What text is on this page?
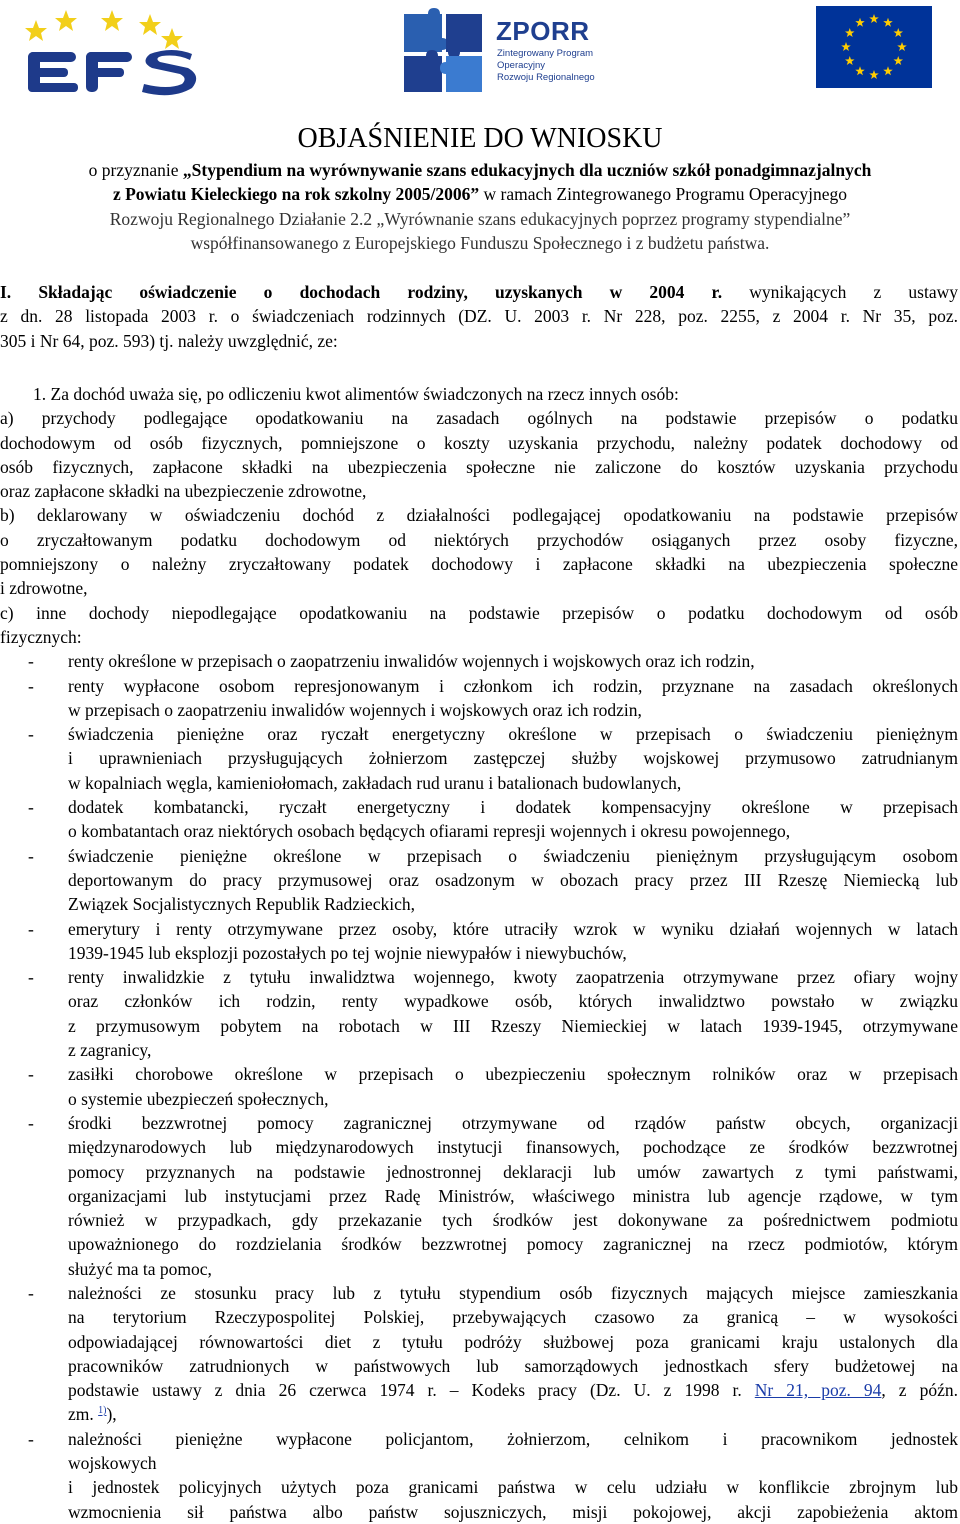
ZPORR
Zintegrowany Program
Operacyjny
Rozwoju Regionalnego
OBJAŚNIENIE DO WNIOSKU
o przyznanie „Stypendium na wyrównywanie szans edukacyjnych dla uczniów szkół ponadgimnazjalnych
z Powiatu Kieleckiego na rok szkolny 2005/2006” w ramach Zintegrowanego Programu Operacyjnego
Rozwoju Regionalnego Działanie 2.2 „Wyrównanie szans edukacyjnych poprzez programy stypendialne”
współfinansowanego z Europejskiego Funduszu Społecznego i z budżetu państwa.
I. Składając oświadczenie o dochodach rodziny, uzyskanych w 2004 r. wynikających z ustawy
z dn. 28 listopada 2003 r. o świadczeniach rodzinnych (DZ. U. 2003 r. Nr 228, poz. 2255, z 2004 r. Nr 35, poz.
305 i Nr 64, poz. 593) tj. należy uwzględnić, ze:
1. Za dochód uważa się, po odliczeniu kwot alimentów świadczonych na rzecz innych osób:
a) przychody podlegające opodatkowaniu na zasadach ogólnych na podstawie przepisów o podatku
dochodowym od osób fizycznych, pomniejszone o koszty uzyskania przychodu, należny podatek dochodowy od
osób fizycznych, zapłacone składki na ubezpieczenia społeczne nie zaliczone do kosztów uzyskania przychodu
oraz zapłacone składki na ubezpieczenie zdrowotne,
b) deklarowany w oświadczeniu dochód z działalności podlegającej opodatkowaniu na podstawie przepisów
o zryczałtowanym podatku dochodowym od niektórych przychodów osiąganych przez osoby fizyczne,
pomniejszony o należny zryczałtowany podatek dochodowy i zapłacone składki na ubezpieczenia społeczne
i zdrowotne,
c) inne dochody niepodlegające opodatkowaniu na podstawie przepisów o podatku dochodowym od osób
fizycznych:
- renty określone w przepisach o zaopatrzeniu inwalidów wojennych i wojskowych oraz ich rodzin,
- renty wypłacone osobom represjonowanym i członkom ich rodzin, przyznane na zasadach określonych
w przepisach o zaopatrzeniu inwalidów wojennych i wojskowych oraz ich rodzin,
- świadczenia pieniężne oraz ryczałt energetyczny określone w przepisach o świadczeniu pieniężnym
i uprawnieniach przysługujących żołnierzom zastępczej służby wojskowej przymusowo zatrudnianym
w kopalniach węgla, kamieniołomach, zakładach rud uranu i batalionach budowlanych,
- dodatek kombatancki, ryczałt energetyczny i dodatek kompensacyjny określone w przepisach
o kombatantach oraz niektórych osobach będących ofiarami represji wojennych i okresu powojennego,
- świadczenie pieniężne określone w przepisach o świadczeniu pieniężnym przysługującym osobom
deportowanym do pracy przymusowej oraz osadzonym w obozach pracy przez III Rzeszę Niemiecką lub
Związek Socjalistycznych Republik Radzieckich,
- emerytury i renty otrzymywane przez osoby, które utraciły wzrok w wyniku działań wojennych w latach
1939-1945 lub eksplozji pozostałych po tej wojnie niewypałów i niewybuchów,
- renty inwalidzkie z tytułu inwalidztwa wojennego, kwoty zaopatrzenia otrzymywane przez ofiary wojny
oraz członków ich rodzin, renty wypadkowe osób, których inwalidztwo powstało w związku
z przymusowym pobytem na robotach w III Rzeszy Niemieckiej w latach 1939-1945, otrzymywane
z zagranicy,
- zasiłki chorobowe określone w przepisach o ubezpieczeniu społecznym rolników oraz w przepisach
o systemie ubezpieczeń społecznych,
- środki bezzwrotnej pomocy zagranicznej otrzymywane od rządów państw obcych, organizacji
międzynarodowych lub międzynarodowych instytucji finansowych, pochodzące ze środków bezzwrotnej
pomocy przyznanych na podstawie jednostronnej deklaracji lub umów zawartych z tymi państwami,
organizacjami lub instytucjami przez Radę Ministrów, właściwego ministra lub agencje rządowe, w tym
również w przypadkach, gdy przekazanie tych środków jest dokonywane za pośrednictwem podmiotu
upoważnionego do rozdzielania środków bezzwrotnej pomocy zagranicznej na rzecz podmiotów, którym
służyć ma ta pomoc,
- należności ze stosunku pracy lub z tytułu stypendium osób fizycznych mających miejsce zamieszkania
na terytorium Rzeczypospolitej Polskiej, przebywających czasowo za granicą – w wysokości
odpowiadającej równowartości diet z tytułu podróży służbowej poza granicami kraju ustalonych dla
pracowników zatrudnionych w państwowych lub samorządowych jednostkach sfery budżetowej na
podstawie ustawy z dnia 26 czerwca 1974 r. – Kodeks pracy (Dz. U. z 1998 r. Nr 21, poz. 94, z późn.
zm. $^{1)}$),
- należności pieniężne wypłacone policjantom, żołnierzom, celnikom i pracownikom jednostek
wojskowych
i jednostek policyjnych użytych poza granicami państwa w celu udziału w konflikcie zbrojnym lub
wzmocnienia sił państwa albo państw sojuszniczych, misji pokojowej, akcji zapobieżenia aktom
